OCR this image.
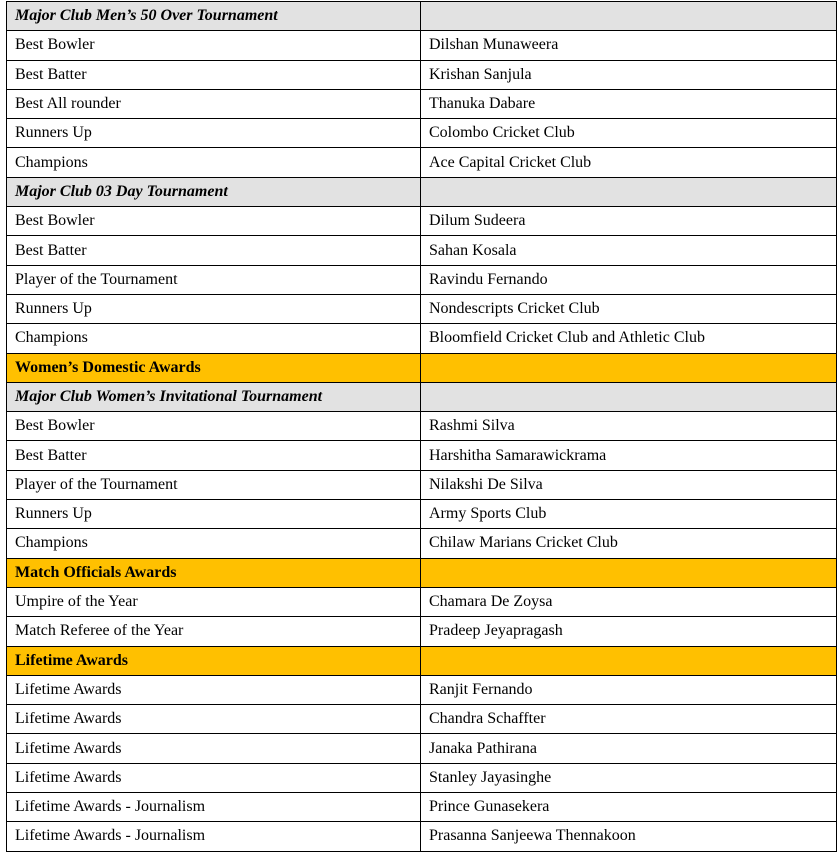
Major Club Men’s 50 Over Tournament	
Best Bowler	Dilshan Munaweera
Best Batter	Krishan Sanjula
Best All rounder	Thanuka Dabare
Runners Up	Colombo Cricket Club
Champions	Ace Capital Cricket Club
Major Club 03 Day Tournament	
Best Bowler	Dilum Sudeera
Best Batter	Sahan Kosala
Player of the Tournament	Ravindu Fernando
Runners Up	Nondescripts Cricket Club
Champions	Bloomfield Cricket Club and Athletic Club
Women’s Domestic Awards	
Major Club Women’s Invitational Tournament	
Best Bowler	Rashmi Silva
Best Batter	Harshitha Samarawickrama
Player of the Tournament	Nilakshi De Silva
Runners Up	Army Sports Club
Champions	Chilaw Marians Cricket Club
Match Officials Awards	
Umpire of the Year	Chamara De Zoysa
Match Referee of the Year	Pradeep Jeyapragash
Lifetime Awards	
Lifetime Awards	Ranjit Fernando
Lifetime Awards	Chandra Schaffter
Lifetime Awards	Janaka Pathirana
Lifetime Awards	Stanley Jayasinghe
Lifetime Awards - Journalism	Prince Gunasekera
Lifetime Awards - Journalism	Prasanna Sanjeewa Thennakoon
